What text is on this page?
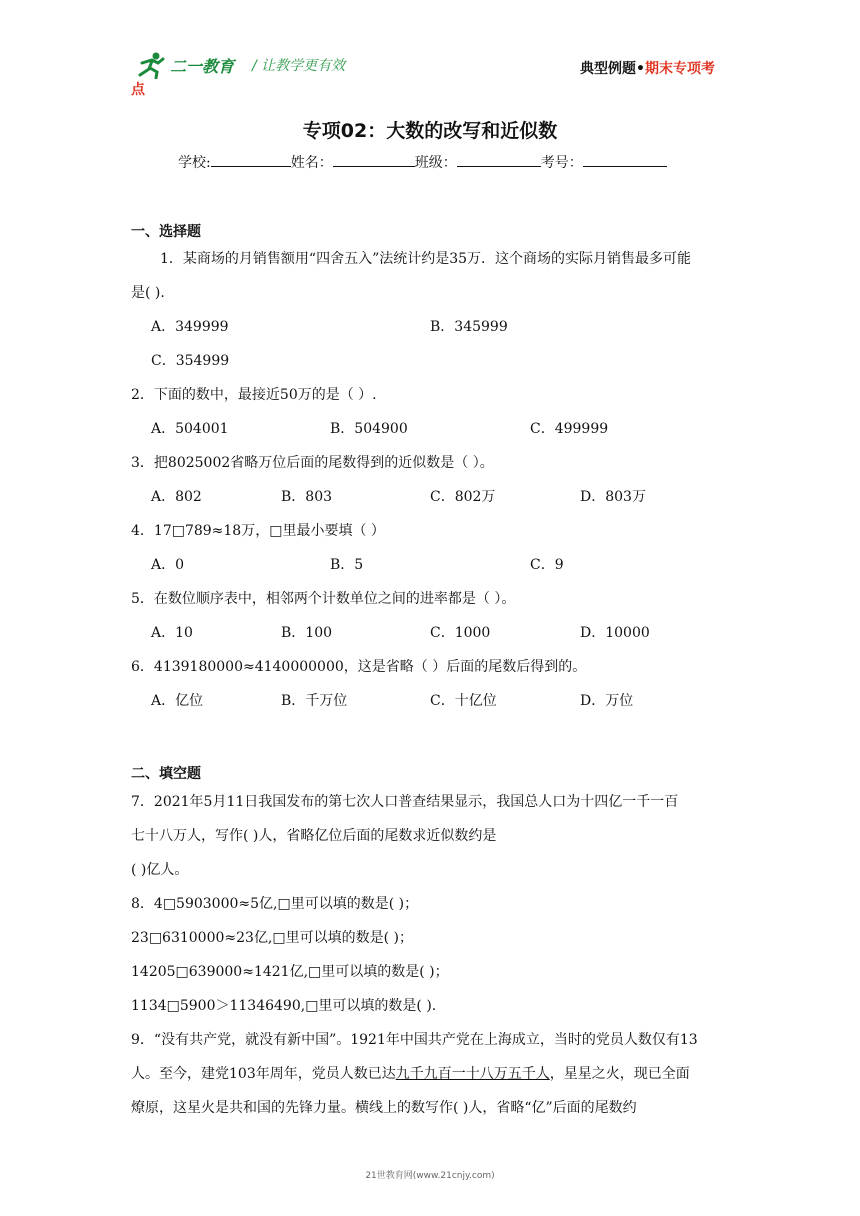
二一教育 / 让教学更有效	典型例题•期末专项考
点
专项02：大数的改写和近似数
学校:	姓名：	班级：	考号：
一、选择题
1．某商场的月销售额用“四舍五入”法统计约是35万．这个商场的实际月销售最多可能
是( ).
A．349999	B．345999
C．354999
2．下面的数中，最接近50万的是（ ）.
A．504001	B．504900	C．499999
3．把8025002省略万位后面的尾数得到的近似数是（ ）。
A．802	B．803	C．802万	D．803万
4．17□789≈18万，□里最小要填（ ）
A．0	B．5	C．9
5．在数位顺序表中，相邻两个计数单位之间的进率都是（ ）。
A．10	B．100	C．1000	D．10000
6．4139180000≈4140000000，这是省略（ ）后面的尾数后得到的。
A．亿位	B．千万位	C．十亿位	D．万位
二、填空题
7．2021年5月11日我国发布的第七次人口普查结果显示，我国总人口为十四亿一千一百
七十八万人，写作( )人，省略亿位后面的尾数求近似数约是
( )亿人。
8．4□5903000≈5亿,□里可以填的数是( )；
23□6310000≈23亿,□里可以填的数是( )；
14205□639000≈1421亿,□里可以填的数是( )；
1134□5900＞11346490,□里可以填的数是( ).
9．“没有共产党，就没有新中国”。1921年中国共产党在上海成立，当时的党员人数仅有13
人。至今，建党103年周年，党员人数已达九千九百一十八万五千人，星星之火，现已全面
燎原，这星火是共和国的先锋力量。横线上的数写作( )人，省略“亿”后面的尾数约
21世教育网(www.21cnjy.com)
